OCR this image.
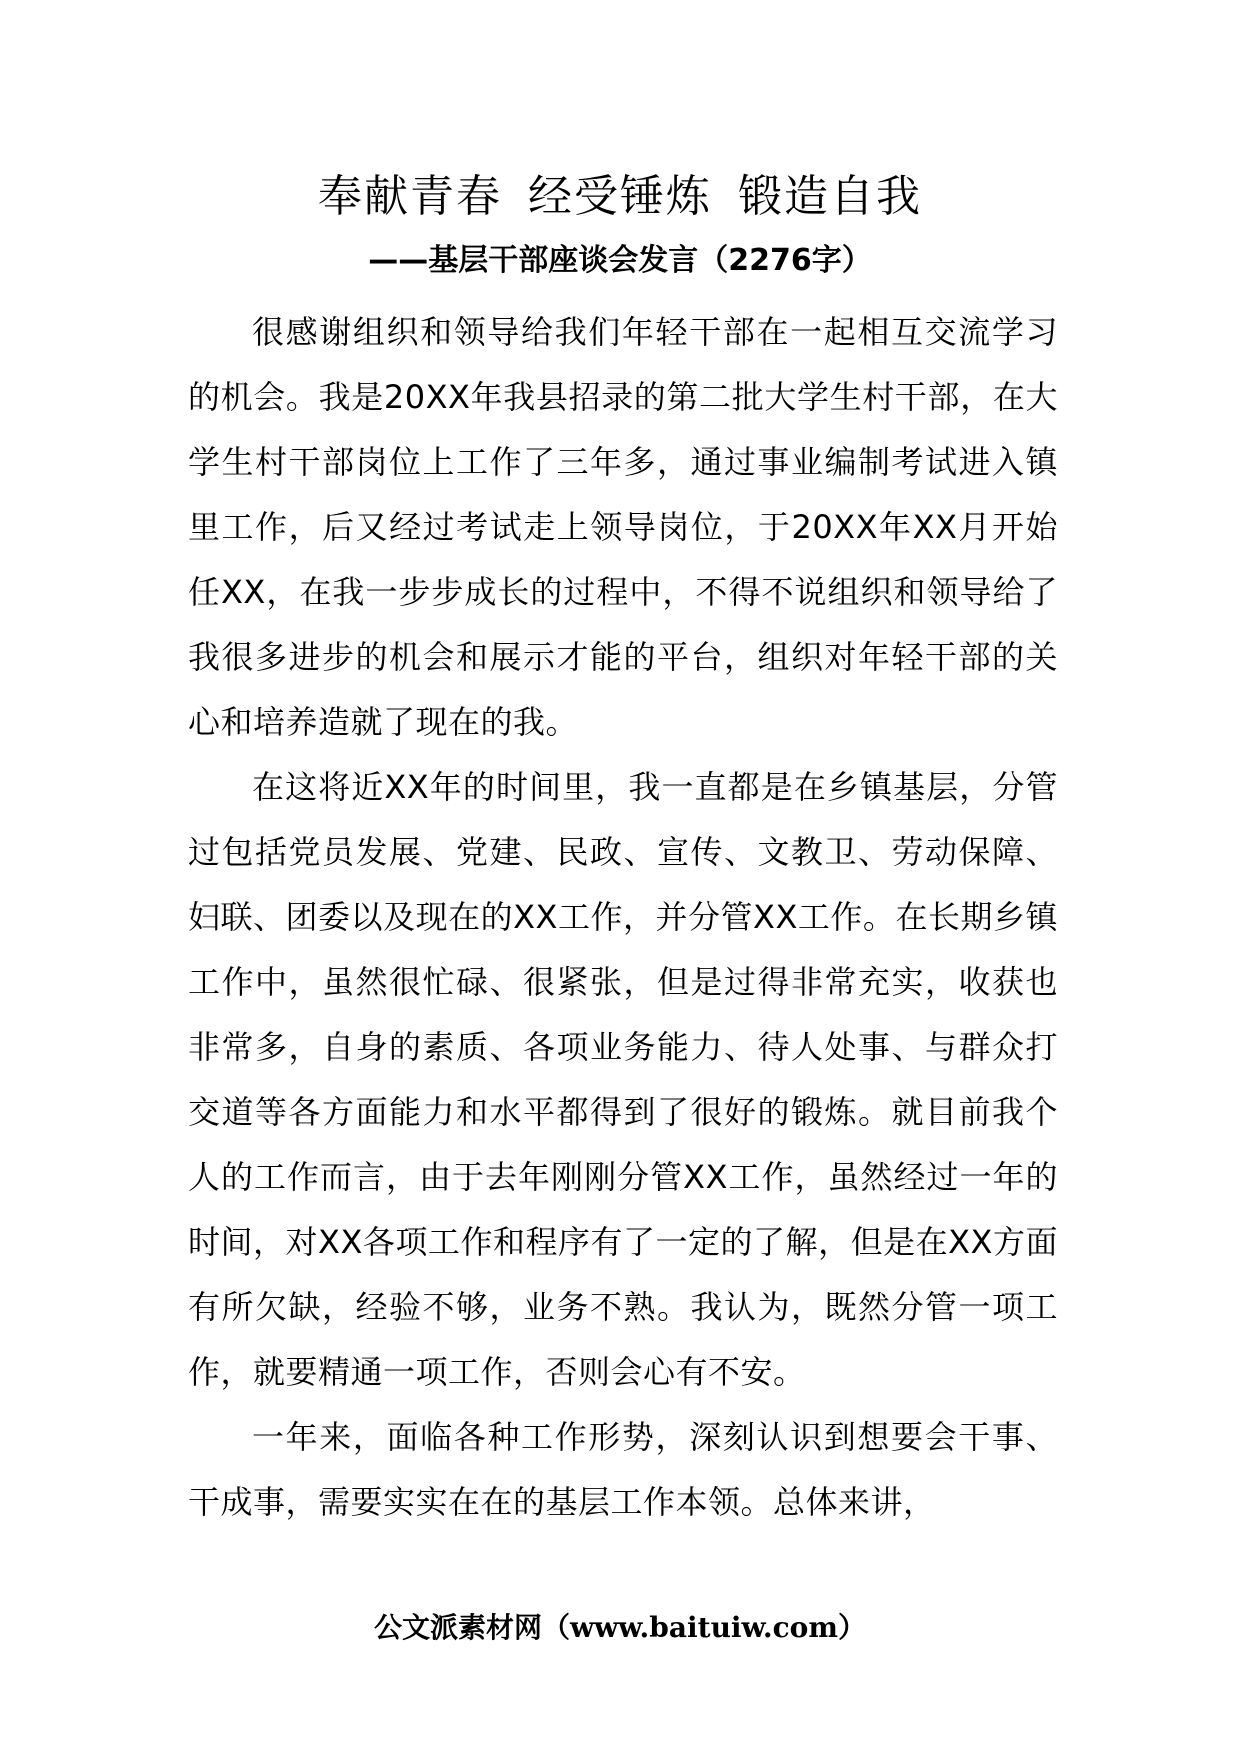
奉献青春 经受锤炼 锻造自我
——基层干部座谈会发言（2276字）

很感谢组织和领导给我们年轻干部在一起相互交流学习的机会。我是20XX年我县招录的第二批大学生村干部，在大学生村干部岗位上工作了三年多，通过事业编制考试进入镇里工作，后又经过考试走上领导岗位，于20XX年XX月开始任XX，在我一步步成长的过程中，不得不说组织和领导给了我很多进步的机会和展示才能的平台，组织对年轻干部的关心和培养造就了现在的我。

在这将近XX年的时间里，我一直都是在乡镇基层，分管过包括党员发展、党建、民政、宣传、文教卫、劳动保障、妇联、团委以及现在的XX工作，并分管XX工作。在长期乡镇工作中，虽然很忙碌、很紧张，但是过得非常充实，收获也非常多，自身的素质、各项业务能力、待人处事、与群众打交道等各方面能力和水平都得到了很好的锻炼。就目前我个人的工作而言，由于去年刚刚分管XX工作，虽然经过一年的时间，对XX各项工作和程序有了一定的了解，但是在XX方面有所欠缺，经验不够，业务不熟。我认为，既然分管一项工作，就要精通一项工作，否则会心有不安。

一年来，面临各种工作形势，深刻认识到想要会干事、干成事，需要实实在在的基层工作本领。总体来讲，

公文派素材网（www.baituiw.com）
